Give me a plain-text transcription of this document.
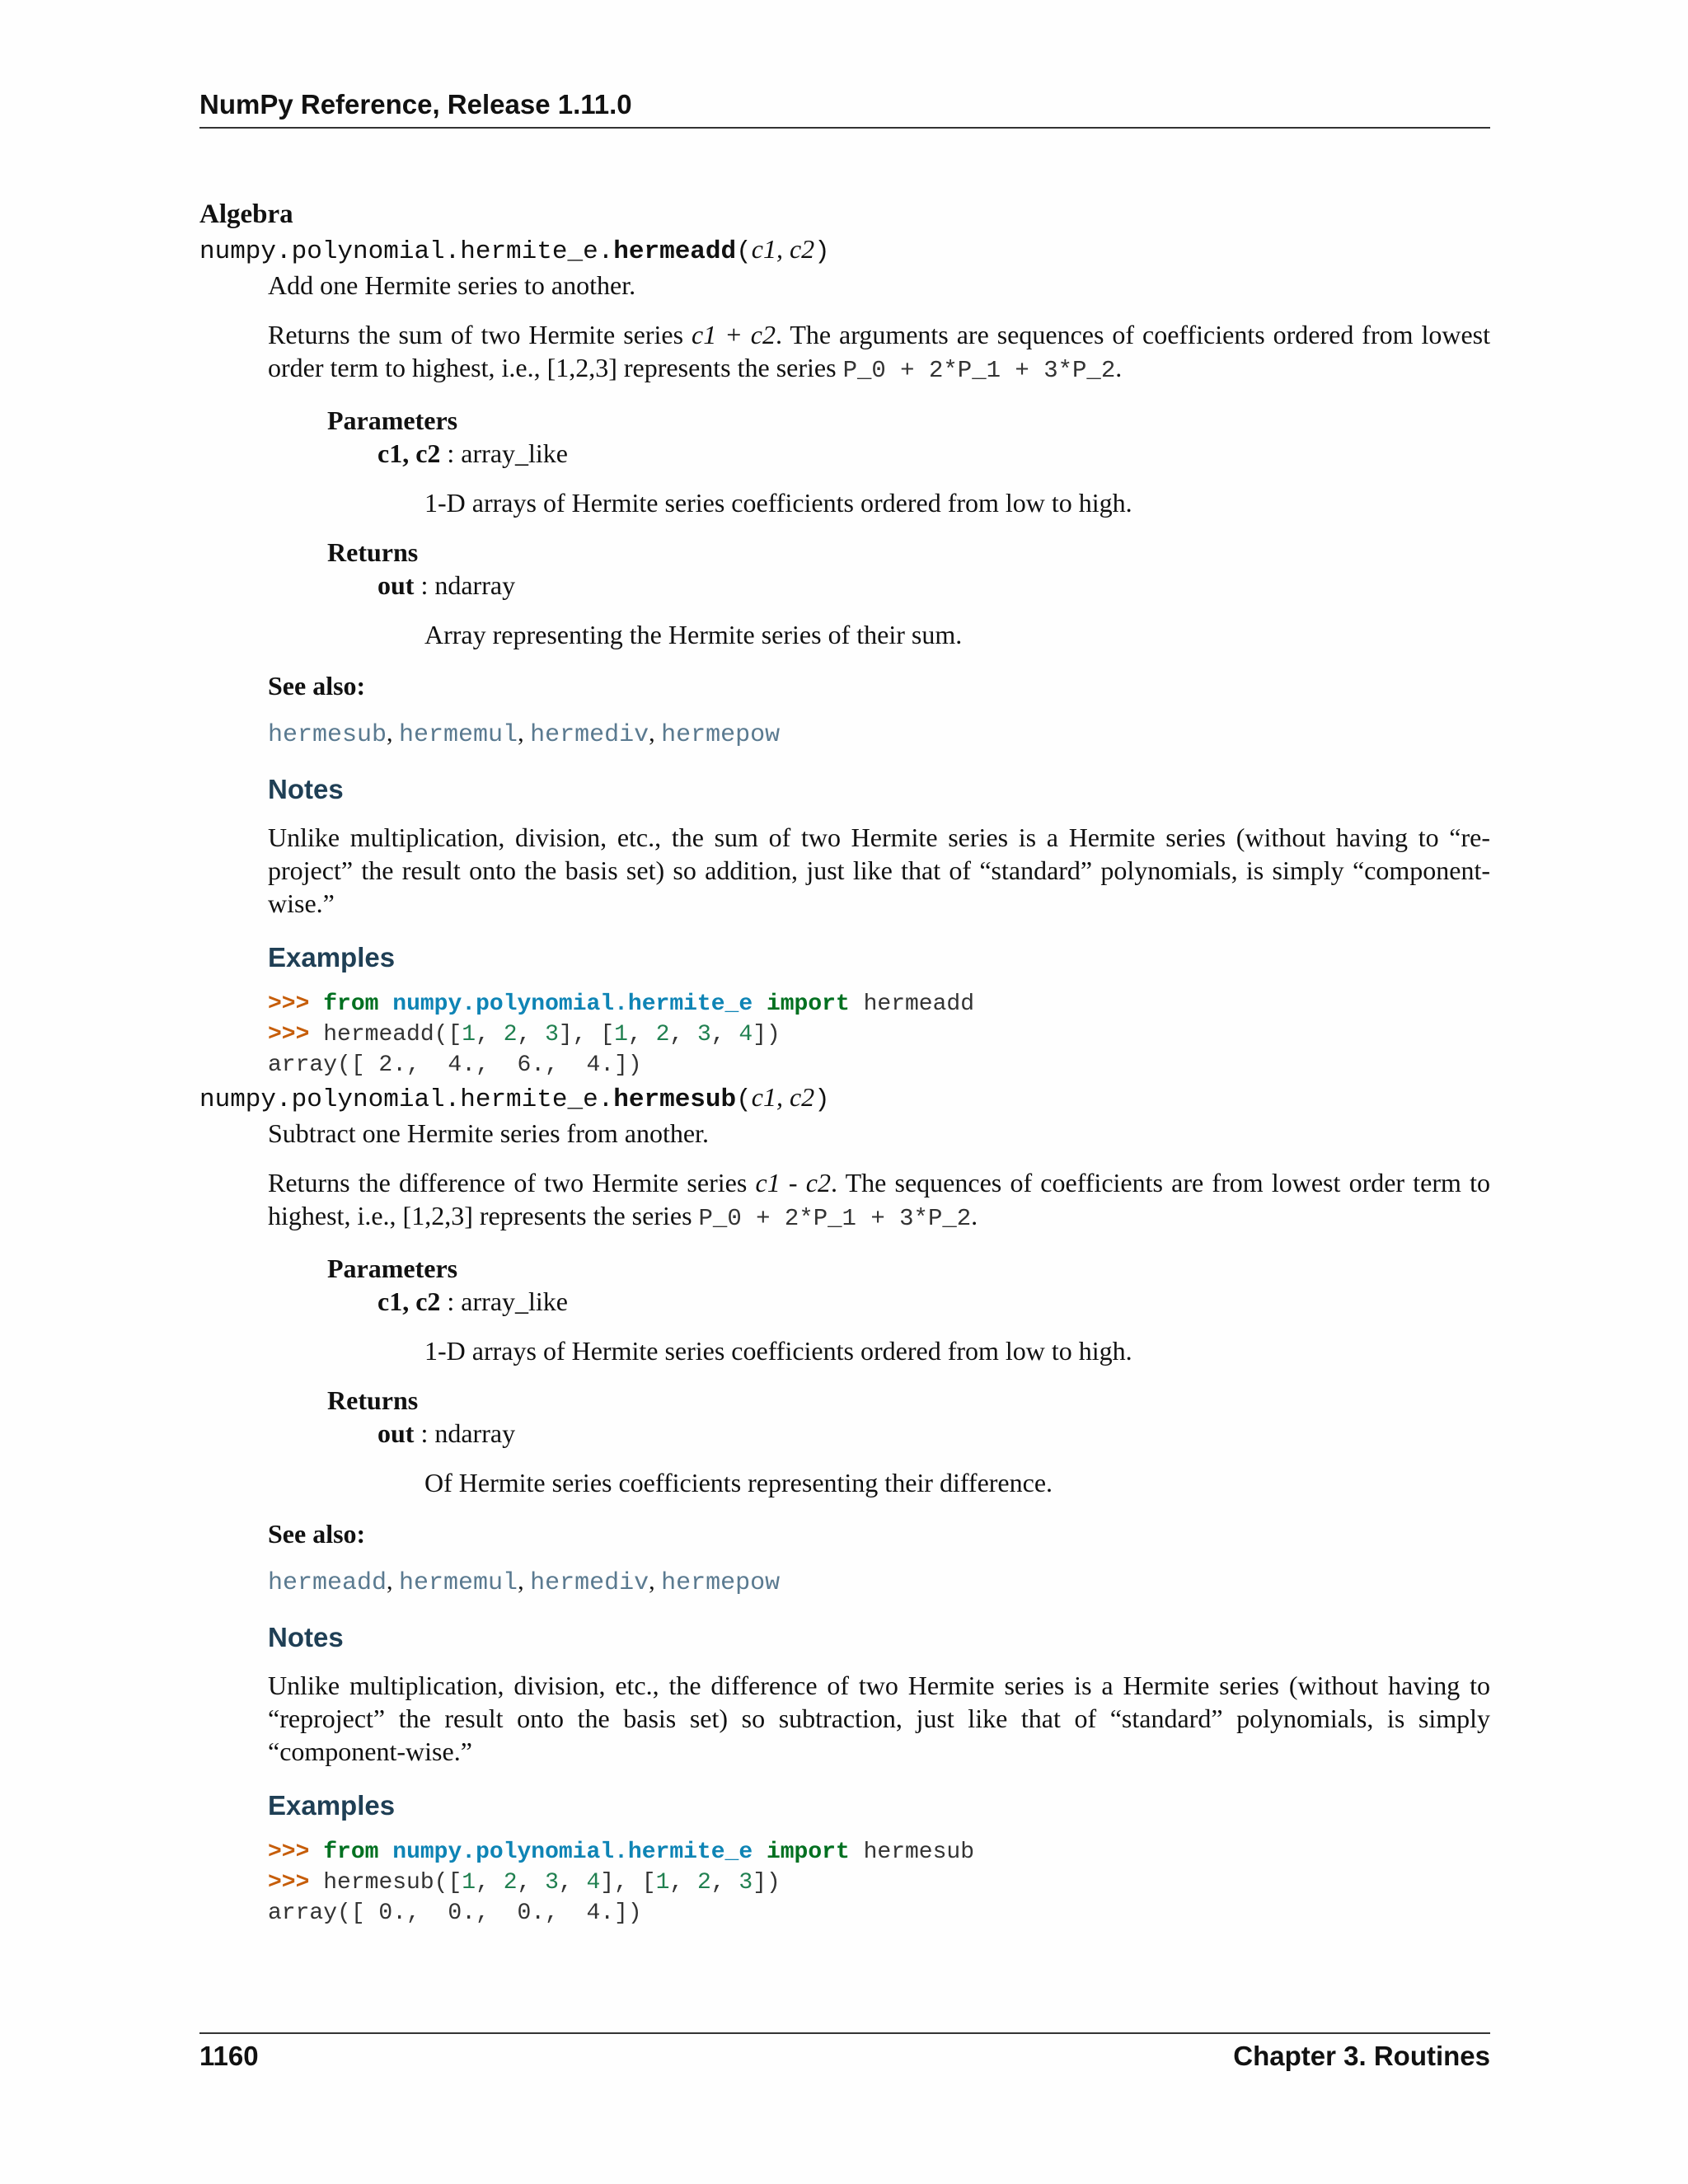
NumPy Reference, Release 1.11.0
Algebra
numpy.polynomial.hermite_e.hermeadd(c1, c2)

Add one Hermite series to another.

Returns the sum of two Hermite series c1 + c2. The arguments are sequences of coefficients ordered from lowest order term to highest, i.e., [1,2,3] represents the series P_0 + 2*P_1 + 3*P_2.

Parameters
c1, c2 : array_like
1-D arrays of Hermite series coefficients ordered from low to high.
Returns
out : ndarray
Array representing the Hermite series of their sum.
See also:
hermesub, hermemul, hermediv, hermepow
Notes

Unlike multiplication, division, etc., the sum of two Hermite series is a Hermite series (without having to “re-project” the result onto the basis set) so addition, just like that of “standard” polynomials, is simply “component-wise.”

Examples
>>> from numpy.polynomial.hermite_e import hermeadd
>>> hermeadd([1, 2, 3], [1, 2, 3, 4])
array([ 2.,  4.,  6.,  4.])
numpy.polynomial.hermite_e.hermesub(c1, c2)

Subtract one Hermite series from another.

Returns the difference of two Hermite series c1 - c2. The sequences of coefficients are from lowest order term to highest, i.e., [1,2,3] represents the series P_0 + 2*P_1 + 3*P_2.

Parameters
c1, c2 : array_like
1-D arrays of Hermite series coefficients ordered from low to high.
Returns
out : ndarray
Of Hermite series coefficients representing their difference.
See also:
hermeadd, hermemul, hermediv, hermepow
Notes

Unlike multiplication, division, etc., the difference of two Hermite series is a Hermite series (without having to “reproject” the result onto the basis set) so subtraction, just like that of “standard” polynomials, is simply “component-wise.”

Examples
>>> from numpy.polynomial.hermite_e import hermesub
>>> hermesub([1, 2, 3, 4], [1, 2, 3])
array([ 0.,  0.,  0.,  4.])
1160	Chapter 3. Routines
